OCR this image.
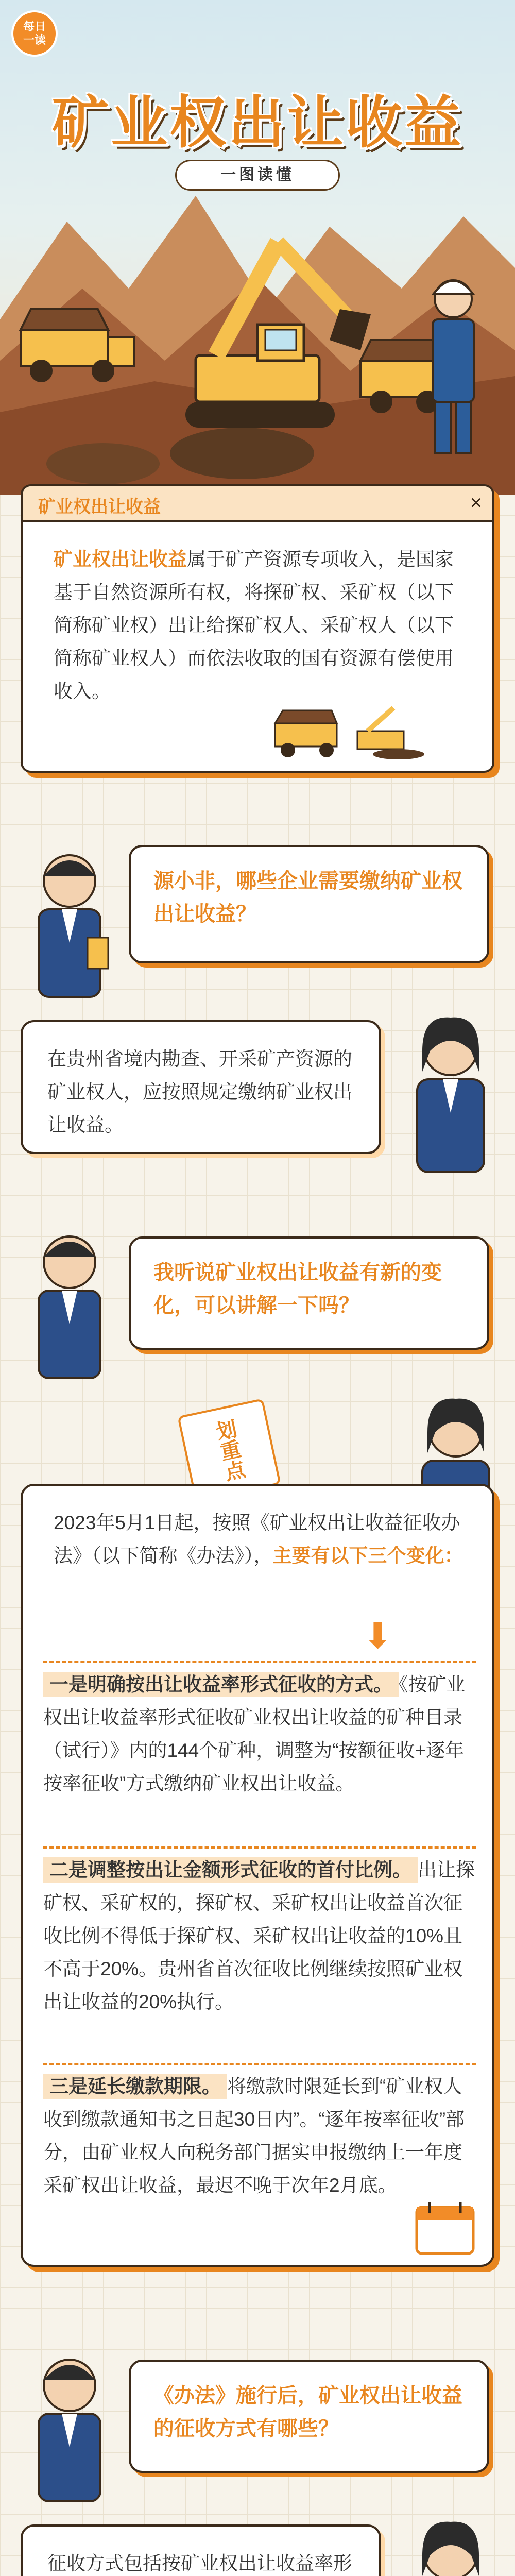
每日
一读
矿业权出让收益
一图读懂
矿业权出让收益	×
矿业权出让收益属于矿产资源专项收入，是国家基于自然资源所有权，将探矿权、采矿权（以下简称矿业权）出让给探矿权人、采矿权人（以下简称矿业权人）而依法收取的国有资源有偿使用收入。
源小非，哪些企业需要缴纳矿业权出让收益？
在贵州省境内勘查、开采矿产资源的矿业权人，应按照规定缴纳矿业权出让收益。
我听说矿业权出让收益有新的变化，可以讲解一下吗？
划重点
2023年5月1日起，按照《矿业权出让收益征收办法》（以下简称《办法》），主要有以下三个变化：
⬇
一是明确按出让收益率形式征收的方式。 《按矿业权出让收益率形式征收矿业权出让收益的矿种目录（试行）》内的144个矿种，调整为“按额征收+逐年按率征收”方式缴纳矿业权出让收益。
二是调整按出让金额形式征收的首付比例。 出让探矿权、采矿权的，探矿权、采矿权出让收益首次征收比例不得低于探矿权、采矿权出让收益的10%且不高于20%。贵州省首次征收比例继续按照矿业权出让收益的20%执行。
三是延长缴款期限。 将缴款时限延长到“矿业权人收到缴款通知书之日起30日内”。“逐年按率征收”部分，由矿业权人向税务部门据实申报缴纳上一年度采矿权出让收益，最迟不晚于次年2月底。
《办法》施行后，矿业权出让收益的征收方式有哪些？
征收方式包括按矿业权出让收益率形
